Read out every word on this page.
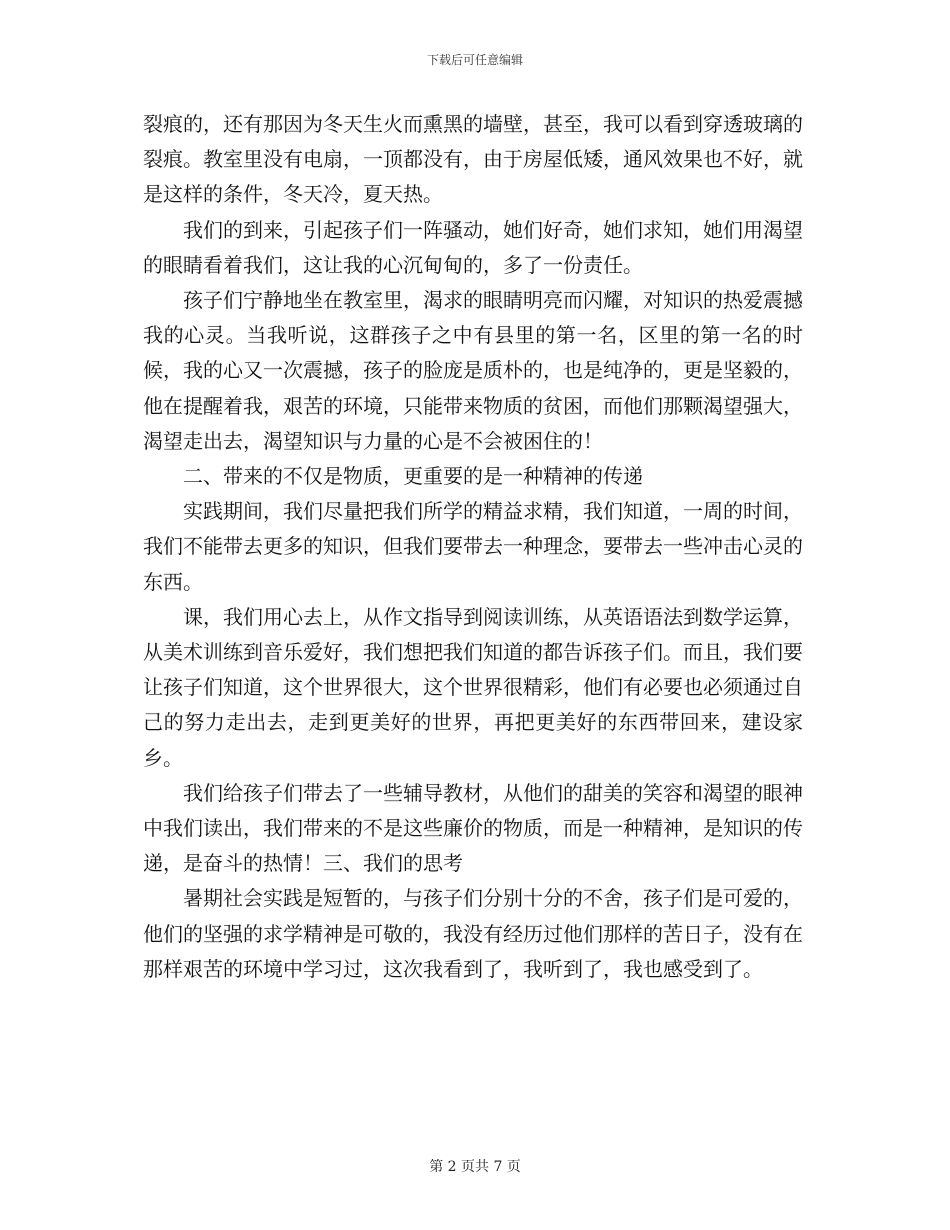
下载后可任意编辑

裂痕的，还有那因为冬天生火而熏黑的墙壁，甚至，我可以看到穿透玻璃的裂痕。教室里没有电扇，一顶都没有，由于房屋低矮，通风效果也不好，就是这样的条件，冬天冷，夏天热。

我们的到来，引起孩子们一阵骚动，她们好奇，她们求知，她们用渴望的眼睛看着我们，这让我的心沉甸甸的，多了一份责任。

孩子们宁静地坐在教室里，渴求的眼睛明亮而闪耀，对知识的热爱震撼我的心灵。当我听说，这群孩子之中有县里的第一名，区里的第一名的时候，我的心又一次震撼，孩子的脸庞是质朴的，也是纯净的，更是坚毅的，他在提醒着我，艰苦的环境，只能带来物质的贫困，而他们那颗渴望强大，渴望走出去，渴望知识与力量的心是不会被困住的！

二、带来的不仅是物质，更重要的是一种精神的传递

实践期间，我们尽量把我们所学的精益求精，我们知道，一周的时间，我们不能带去更多的知识，但我们要带去一种理念，要带去一些冲击心灵的东西。

课，我们用心去上，从作文指导到阅读训练，从英语语法到数学运算，从美术训练到音乐爱好，我们想把我们知道的都告诉孩子们。而且，我们要让孩子们知道，这个世界很大，这个世界很精彩，他们有必要也必须通过自己的努力走出去，走到更美好的世界，再把更美好的东西带回来，建设家乡。

我们给孩子们带去了一些辅导教材，从他们的甜美的笑容和渴望的眼神中我们读出，我们带来的不是这些廉价的物质，而是一种精神，是知识的传递，是奋斗的热情！三、我们的思考

暑期社会实践是短暂的，与孩子们分别十分的不舍，孩子们是可爱的，他们的坚强的求学精神是可敬的，我没有经历过他们那样的苦日子，没有在那样艰苦的环境中学习过，这次我看到了，我听到了，我也感受到了。

第 2 页共 7 页
